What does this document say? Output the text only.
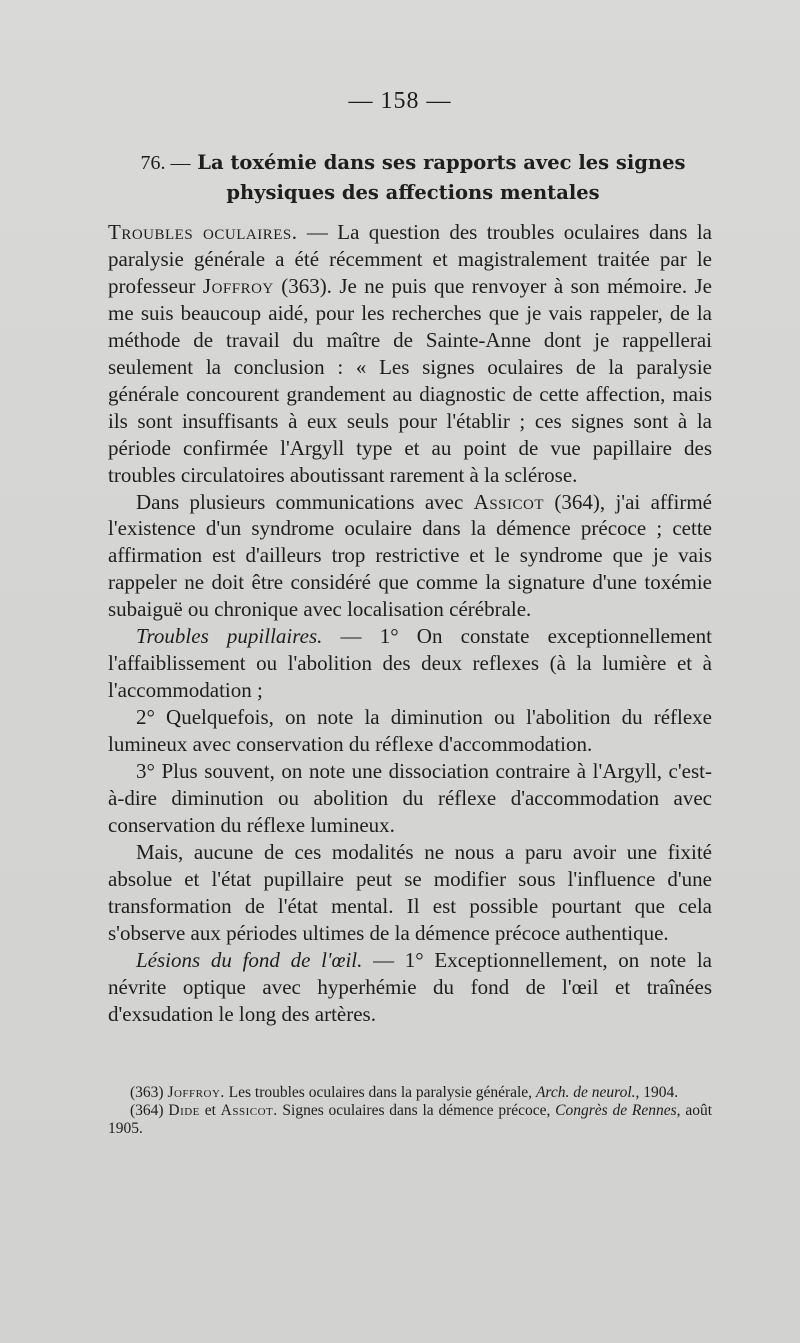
— 158 —
76. — La toxémie dans ses rapports avec les signes physiques des affections mentales

Troubles oculaires. — La question des troubles oculaires dans la paralysie générale a été récemment et magistralement traitée par le professeur Joffroy (363). Je ne puis que renvoyer à son mémoire. Je me suis beaucoup aidé, pour les recherches que je vais rappeler, de la méthode de travail du maître de Sainte-Anne dont je rappellerai seulement la conclusion : « Les signes oculaires de la paralysie générale concourent grandement au diagnostic de cette affection, mais ils sont insuffisants à eux seuls pour l'établir ; ces signes sont à la période confirmée l'Argyll type et au point de vue papillaire des troubles circulatoires aboutissant rarement à la sclérose.

Dans plusieurs communications avec Assicot (364), j'ai affirmé l'existence d'un syndrome oculaire dans la démence précoce ; cette affirmation est d'ailleurs trop restrictive et le syndrome que je vais rappeler ne doit être considéré que comme la signature d'une toxémie subaiguë ou chronique avec localisation cérébrale.

Troubles pupillaires. — 1° On constate exceptionnellement l'affaiblissement ou l'abolition des deux reflexes (à la lumière et à l'accommodation ;

2° Quelquefois, on note la diminution ou l'abolition du réflexe lumineux avec conservation du réflexe d'accommodation.

3° Plus souvent, on note une dissociation contraire à l'Argyll, c'est-à-dire diminution ou abolition du réflexe d'accommodation avec conservation du réflexe lumineux.

Mais, aucune de ces modalités ne nous a paru avoir une fixité absolue et l'état pupillaire peut se modifier sous l'influence d'une transformation de l'état mental. Il est possible pourtant que cela s'observe aux périodes ultimes de la démence précoce authentique.

Lésions du fond de l'œil. — 1° Exceptionnellement, on note la névrite optique avec hyperhémie du fond de l'œil et traînées d'exsudation le long des artères.

(363) Joffroy. Les troubles oculaires dans la paralysie générale, Arch. de neurol., 1904.

(364) Dide et Assicot. Signes oculaires dans la démence précoce, Congrès de Rennes, août 1905.
